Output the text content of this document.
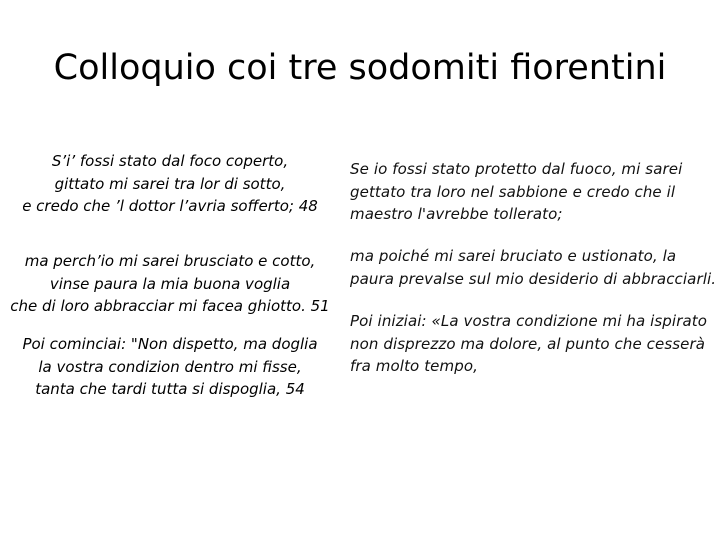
Colloquio coi tre sodomiti fiorentini
S’i’ fossi stato dal foco coperto,
gittato mi sarei tra lor di sotto,
e credo che ’l dottor l’avria sofferto; 48
ma perch’io mi sarei brusciato e cotto,
vinse paura la mia buona voglia
che di loro abbracciar mi facea ghiotto. 51
Poi cominciai: "Non dispetto, ma doglia
la vostra condizion dentro mi fisse,
tanta che tardi tutta si dispoglia, 54
Se io fossi stato protetto dal fuoco, mi sarei
gettato tra loro nel sabbione e credo che il
maestro l'avrebbe tollerato;
ma poiché mi sarei bruciato e ustionato, la
paura prevalse sul mio desiderio di abbracciarli.
Poi iniziai: «La vostra condizione mi ha ispirato
non disprezzo ma dolore, al punto che cesserà
fra molto tempo,
